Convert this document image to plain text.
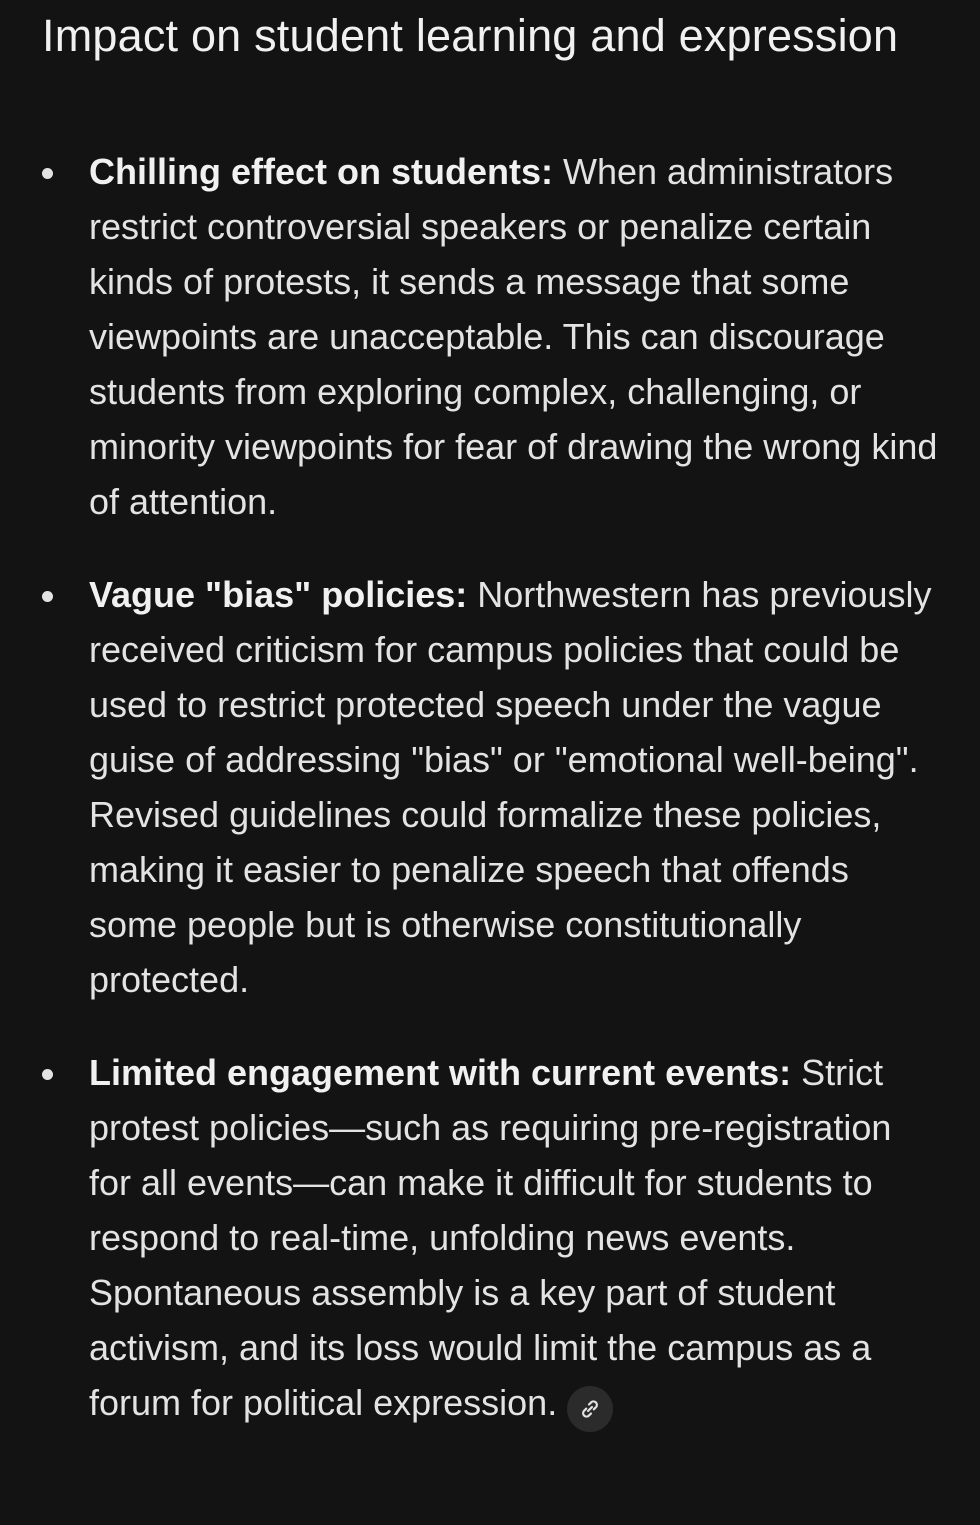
Impact on student learning and expression
Chilling effect on students: When administrators restrict controversial speakers or penalize certain kinds of protests, it sends a message that some viewpoints are unacceptable. This can discourage students from exploring complex, challenging, or minority viewpoints for fear of drawing the wrong kind of attention.
Vague "bias" policies: Northwestern has previously received criticism for campus policies that could be used to restrict protected speech under the vague guise of addressing "bias" or "emotional well-being". Revised guidelines could formalize these policies, making it easier to penalize speech that offends some people but is otherwise constitutionally protected.
Limited engagement with current events: Strict protest policies—such as requiring pre-registration for all events—can make it difficult for students to respond to real-time, unfolding news events. Spontaneous assembly is a key part of student activism, and its loss would limit the campus as a forum for political expression.
